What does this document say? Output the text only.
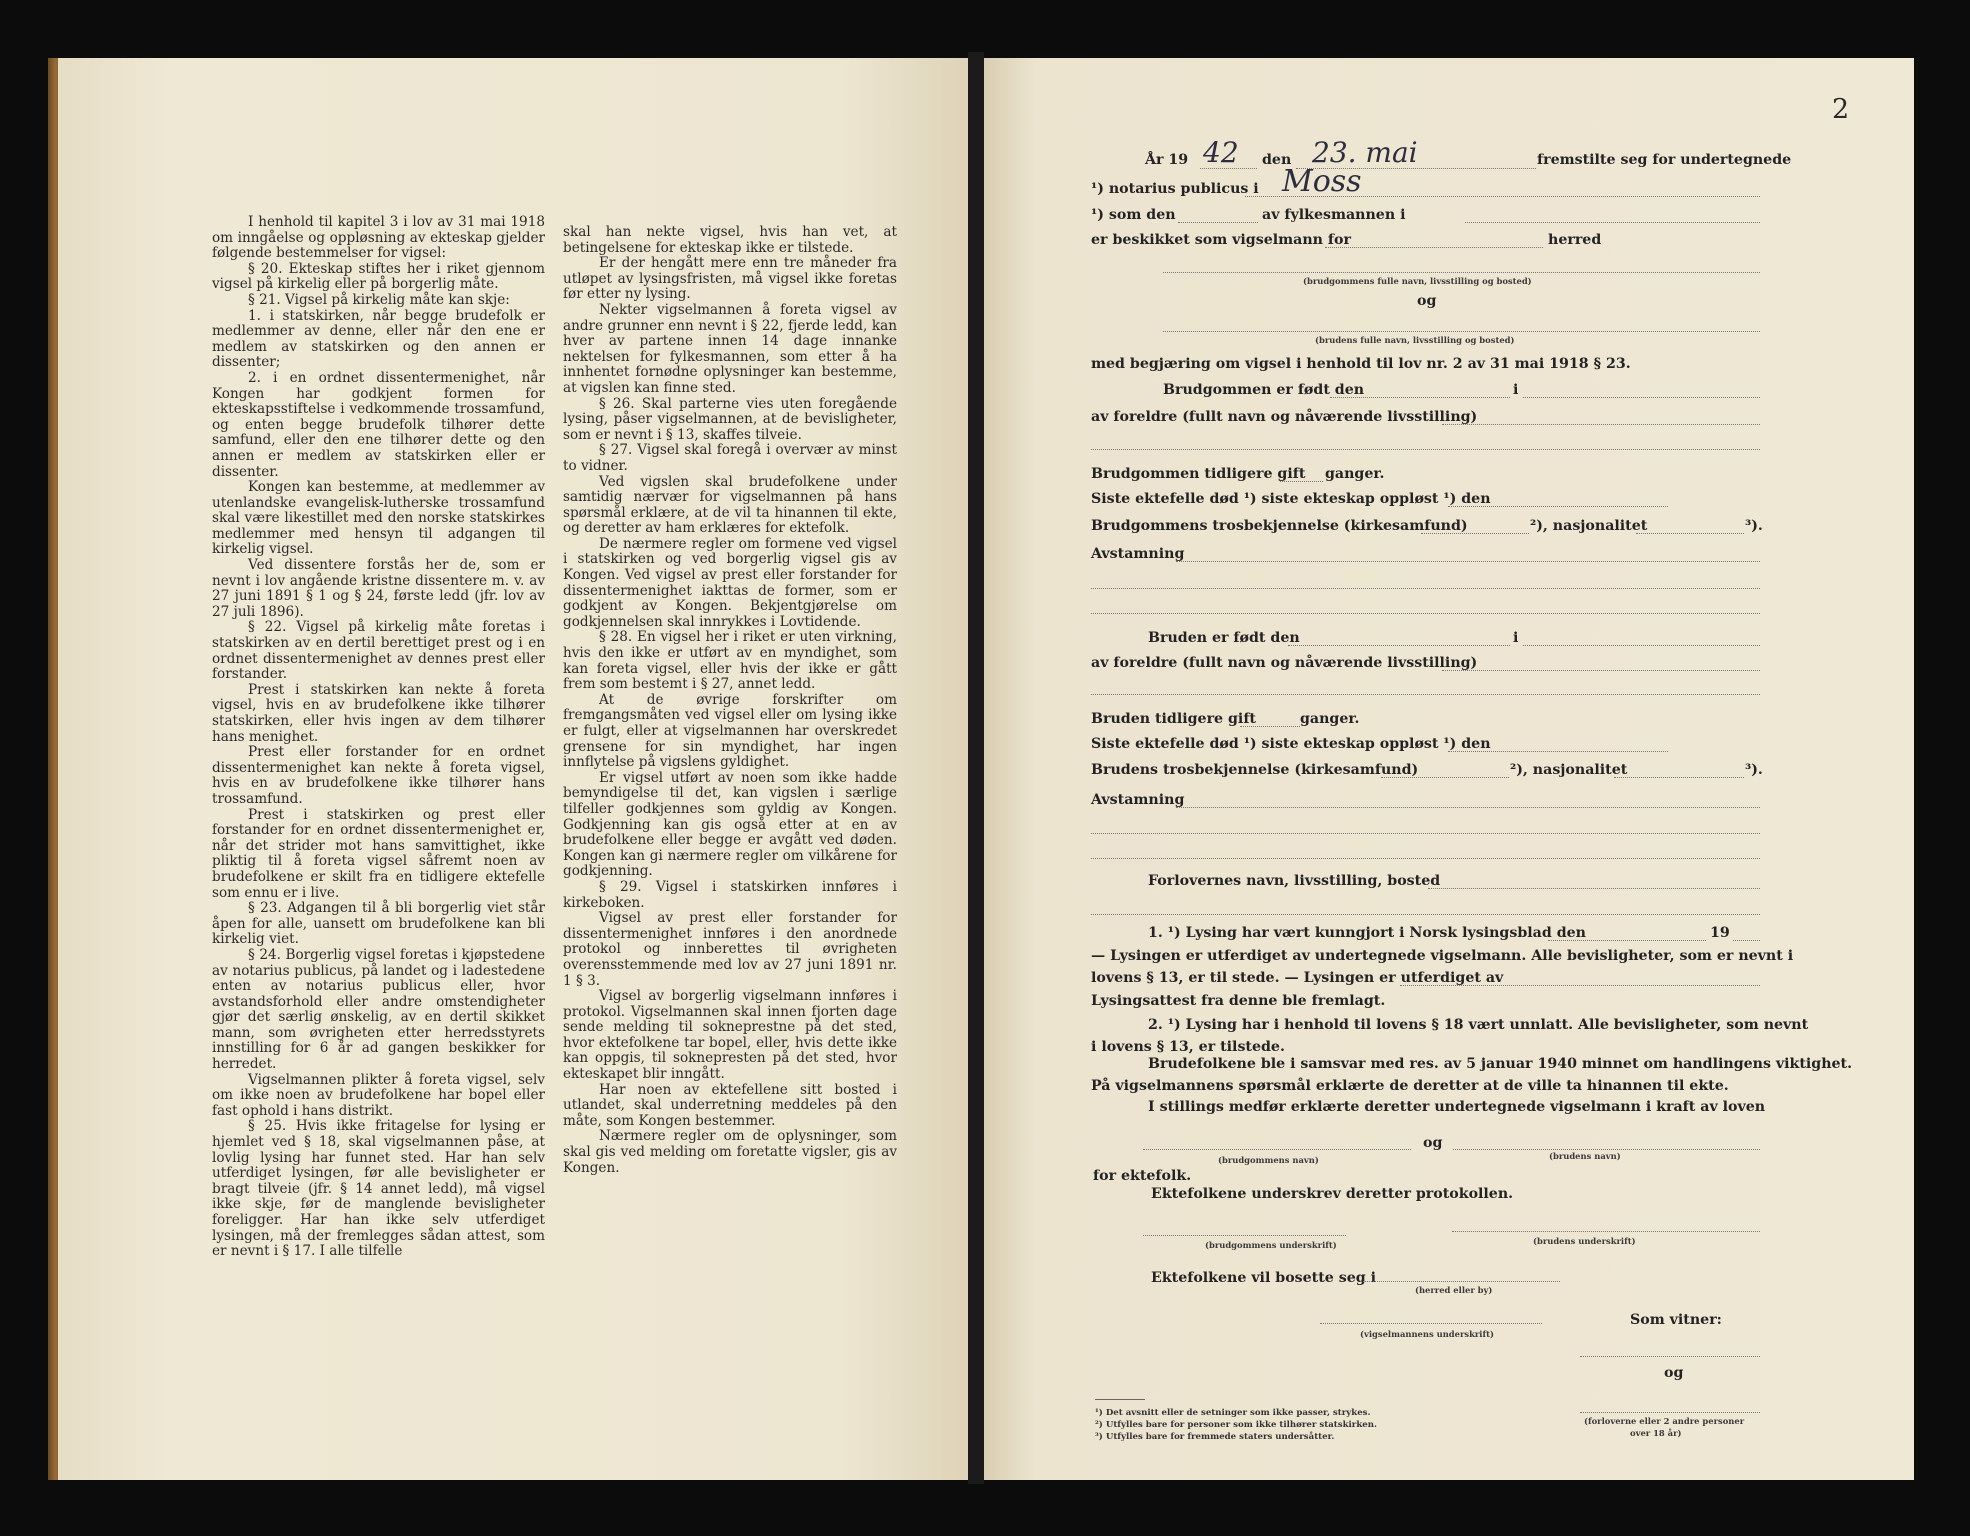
I henhold til kapitel 3 i lov av 31 mai 1918 om inngåelse og oppløsning av ekteskap gjelder følgende bestemmelser for vigsel:

§ 20. Ekteskap stiftes her i riket gjennom vigsel på kirkelig eller på borgerlig måte.

§ 21. Vigsel på kirkelig måte kan skje:

1. i statskirken, når begge brudefolk er medlemmer av denne, eller når den ene er medlem av statskirken og den annen er dissenter;

2. i en ordnet dissentermenighet, når Kongen har godkjent formen for ekteskapsstiftelse i vedkommende trossamfund, og enten begge brudefolk tilhører dette samfund, eller den ene tilhører dette og den annen er medlem av statskirken eller er dissenter.

Kongen kan bestemme, at medlemmer av utenlandske evangelisk-lutherske trossamfund skal være likestillet med den norske statskirkes medlemmer med hensyn til adgangen til kirkelig vigsel.

Ved dissentere forstås her de, som er nevnt i lov angående kristne dissentere m. v. av 27 juni 1891 § 1 og § 24, første ledd (jfr. lov av 27 juli 1896).

§ 22. Vigsel på kirkelig måte foretas i statskirken av en dertil berettiget prest og i en ordnet dissentermenighet av dennes prest eller forstander.

Prest i statskirken kan nekte å foreta vigsel, hvis en av brudefolkene ikke tilhører statskirken, eller hvis ingen av dem tilhører hans menighet.

Prest eller forstander for en ordnet dissentermenighet kan nekte å foreta vigsel, hvis en av brudefolkene ikke tilhører hans trossamfund.

Prest i statskirken og prest eller forstander for en ordnet dissentermenighet er, når det strider mot hans samvittighet, ikke pliktig til å foreta vigsel såfremt noen av brudefolkene er skilt fra en tidligere ektefelle som ennu er i live.

§ 23. Adgangen til å bli borgerlig viet står åpen for alle, uansett om brudefolkene kan bli kirkelig viet.

§ 24. Borgerlig vigsel foretas i kjøpstedene av notarius publicus, på landet og i ladestedene enten av notarius publicus eller, hvor avstandsforhold eller andre omstendigheter gjør det særlig ønskelig, av en dertil skikket mann, som øvrigheten etter herredsstyrets innstilling for 6 år ad gangen beskikker for herredet.

Vigselmannen plikter å foreta vigsel, selv om ikke noen av brudefolkene har bopel eller fast ophold i hans distrikt.

§ 25. Hvis ikke fritagelse for lysing er hjemlet ved § 18, skal vigselmannen påse, at lovlig lysing har funnet sted. Har han selv utferdiget lysingen, før alle bevisligheter er bragt tilveie (jfr. § 14 annet ledd), må vigsel ikke skje, før de manglende bevisligheter foreligger. Har han ikke selv utferdiget lysingen, må der fremlegges sådan attest, som er nevnt i § 17. I alle tilfelle

skal han nekte vigsel, hvis han vet, at betingelsene for ekteskap ikke er tilstede.

Er der hengått mere enn tre måneder fra utløpet av lysingsfristen, må vigsel ikke foretas før etter ny lysing.

Nekter vigselmannen å foreta vigsel av andre grunner enn nevnt i § 22, fjerde ledd, kan hver av partene innen 14 dage innanke nektelsen for fylkesmannen, som etter å ha innhentet fornødne oplysninger kan bestemme, at vigslen kan finne sted.

§ 26. Skal parterne vies uten foregående lysing, påser vigselmannen, at de bevisligheter, som er nevnt i § 13, skaffes tilveie.

§ 27. Vigsel skal foregå i overvær av minst to vidner.

Ved vigslen skal brudefolkene under samtidig nærvær for vigselmannen på hans spørsmål erklære, at de vil ta hinannen til ekte, og deretter av ham erklæres for ektefolk.

De nærmere regler om formene ved vigsel i statskirken og ved borgerlig vigsel gis av Kongen. Ved vigsel av prest eller forstander for dissentermenighet iakttas de former, som er godkjent av Kongen. Bekjentgjørelse om godkjennelsen skal innrykkes i Lovtidende.

§ 28. En vigsel her i riket er uten virkning, hvis den ikke er utført av en myndighet, som kan foreta vigsel, eller hvis der ikke er gått frem som bestemt i § 27, annet ledd.

At de øvrige forskrifter om fremgangsmåten ved vigsel eller om lysing ikke er fulgt, eller at vigselmannen har overskredet grensene for sin myndighet, har ingen innflytelse på vigslens gyldighet.

Er vigsel utført av noen som ikke hadde bemyndigelse til det, kan vigslen i særlige tilfeller godkjennes som gyldig av Kongen. Godkjenning kan gis også etter at en av brudefolkene eller begge er avgått ved døden. Kongen kan gi nærmere regler om vilkårene for godkjenning.

§ 29. Vigsel i statskirken innføres i kirkeboken.

Vigsel av prest eller forstander for dissentermenighet innføres i den anordnede protokol og innberettes til øvrigheten overensstemmende med lov av 27 juni 1891 nr. 1 § 3.

Vigsel av borgerlig vigselmann innføres i protokol. Vigselmannen skal innen fjorten dage sende melding til sokneprestne på det sted, hvor ektefolkene tar bopel, eller, hvis dette ikke kan oppgis, til soknepresten på det sted, hvor ekteskapet blir inngått.

Har noen av ektefellene sitt bosted i utlandet, skal underretning meddeles på den måte, som Kongen bestemmer.

Nærmere regler om de oplysninger, som skal gis ved melding om foretatte vigsler, gis av Kongen.

2
År 19 42 den 23. mai	fremstilte seg for undertegnede
¹) notarius publicus i Moss
¹) som den	av fylkesmannen i
er beskikket som vigselmann for	herred
(brudgommens fulle navn, livsstilling og bosted)
og
(brudens fulle navn, livsstilling og bosted)
med begjæring om vigsel i henhold til lov nr. 2 av 31 mai 1918 § 23.
Brudgommen er født den	i
av foreldre (fullt navn og nåværende livsstilling)
Brudgommen tidligere gift ganger.
Siste ektefelle død ¹) siste ekteskap oppløst ¹) den
Brudgommens trosbekjennelse (kirkesamfund)	²), nasjonalitet	³).
Avstamning
Bruden er født den	i
av foreldre (fullt navn og nåværende livsstilling)
Bruden tidligere gift	ganger.
Siste ektefelle død ¹) siste ekteskap oppløst ¹) den
Brudens trosbekjennelse (kirkesamfund)	²), nasjonalitet	³).
Avstamning
Forlovernes navn, livsstilling, bosted
1. ¹) Lysing har vært kunngjort i Norsk lysingsblad den	19
— Lysingen er utferdiget av undertegnede vigselmann. Alle bevisligheter, som er nevnt i
lovens § 13, er til stede. — Lysingen er utferdiget av
Lysingsattest fra denne ble fremlagt.
2. ¹) Lysing har i henhold til lovens § 18 vært unnlatt. Alle bevisligheter, som nevnt
i lovens § 13, er tilstede.
Brudefolkene ble i samsvar med res. av 5 januar 1940 minnet om handlingens viktighet.
På vigselmannens spørsmål erklærte de deretter at de ville ta hinannen til ekte.
I stillings medfør erklærte deretter undertegnede vigselmann i kraft av loven
og
(brudgommens navn)	(brudens navn)
for ektefolk.
Ektefolkene underskrev deretter protokollen.
(brudgommens underskrift)	(brudens underskrift)
Ektefolkene vil bosette seg i
(herred eller by)
Som vitner:
(vigselmannens underskrift)
og
(forloverne eller 2 andre personer
over 18 år)
¹) Det avsnitt eller de setninger som ikke passer, strykes.
²) Utfylles bare for personer som ikke tilhører statskirken.
³) Utfylles bare for fremmede staters undersåtter.
